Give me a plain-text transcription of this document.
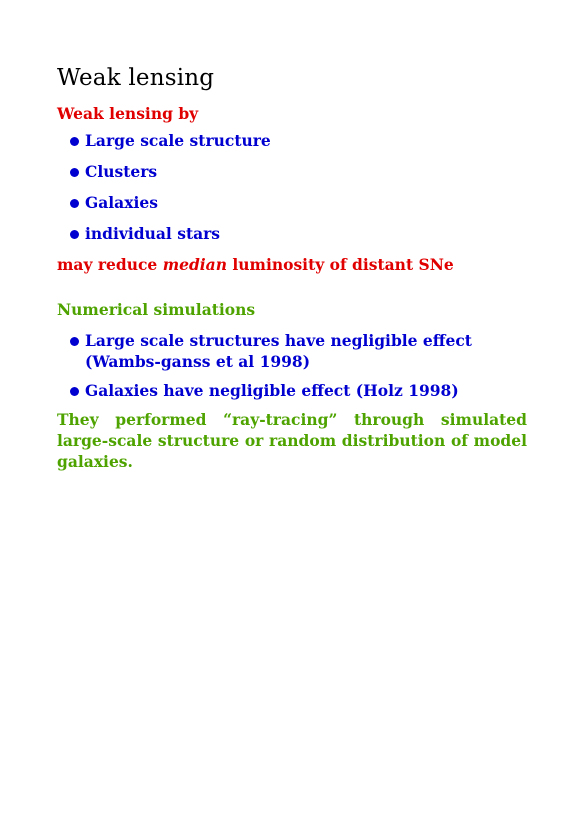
Weak lensing

Weak lensing by

Large scale structure
Clusters
Galaxies
individual stars

may reduce median luminosity of distant SNe

Numerical simulations

Large scale structures have negligible effect (Wambs-ganss et al 1998)
Galaxies have negligible effect (Holz 1998)

They performed “ray-tracing” through simulated large-scale structure or random distribution of model galaxies.
